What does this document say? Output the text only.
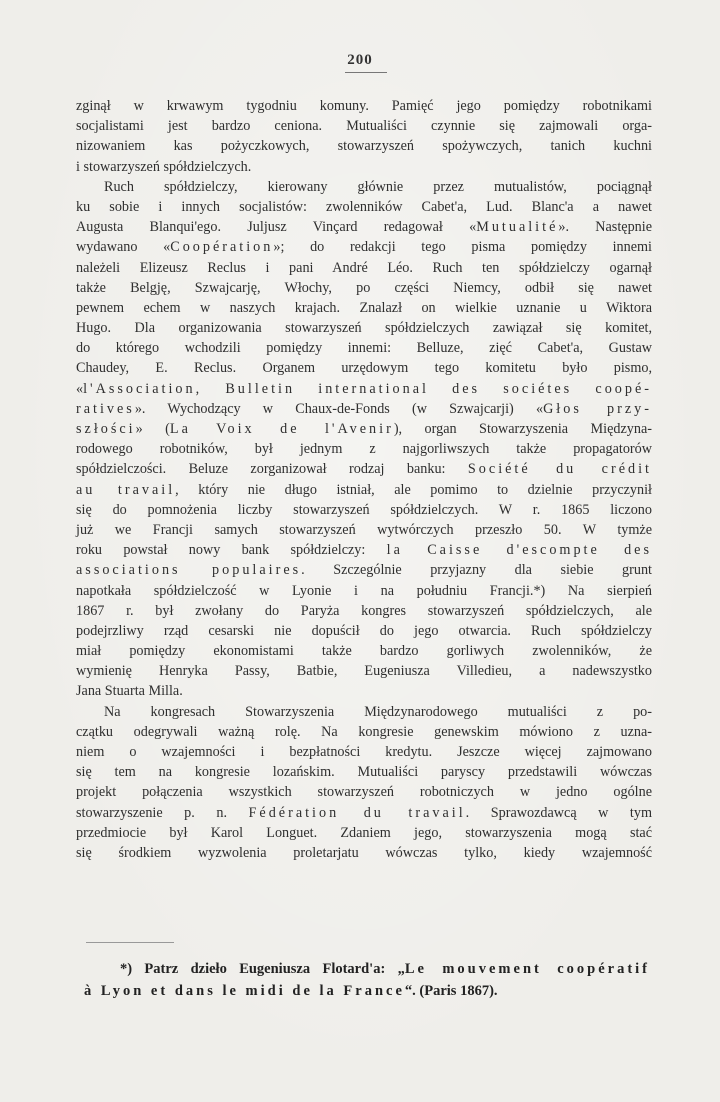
200
zginął w krwawym tygodniu komuny. Pamięć jego pomiędzy robotnikami
socjalistami jest bardzo ceniona. Mutualiści czynnie się zajmowali orga-
nizowaniem kas pożyczkowych, stowarzyszeń spożywczych, tanich kuchni
i stowarzyszeń spółdzielczych.
Ruch spółdzielczy, kierowany głównie przez mutualistów, pociągnął
ku sobie i innych socjalistów: zwolenników Cabet'a, Lud. Blanc'a a nawet
Augusta Blanqui'ego. Juljusz Vinçard redagował «Mutualité». Następnie
wydawano «Coopération»; do redakcji tego pisma pomiędzy innemi
należeli Elizeusz Reclus i pani André Léo. Ruch ten spółdzielczy ogarnął
także Belgję, Szwajcarję, Włochy, po części Niemcy, odbił się nawet
pewnem echem w naszych krajach. Znalazł on wielkie uznanie u Wiktora
Hugo. Dla organizowania stowarzyszeń spółdzielczych zawiązał się komitet,
do którego wchodzili pomiędzy innemi: Belluze, zięć Cabet'a, Gustaw
Chaudey, E. Reclus. Organem urzędowym tego komitetu było pismo,
«l'Association, Bulletin international des sociétes coopé-
ratives». Wychodzący w Chaux-de-Fonds (w Szwajcarji) «Głos przy-
szłości» (La Voix de l'Avenir), organ Stowarzyszenia Międzyna-
rodowego robotników, był jednym z najgorliwszych także propagatorów
spółdzielczości. Beluze zorganizował rodzaj banku: Société du crédit
au travail, który nie długo istniał, ale pomimo to dzielnie przyczynił
się do pomnożenia liczby stowarzyszeń spółdzielczych. W r. 1865 liczono
już we Francji samych stowarzyszeń wytwórczych przeszło 50. W tymże
roku powstał nowy bank spółdzielczy: la Caisse d'escompte des
associations populaires. Szczególnie przyjazny dla siebie grunt
napotkała spółdzielczość w Lyonie i na południu Francji.*) Na sierpień
1867 r. był zwołany do Paryża kongres stowarzyszeń spółdzielczych, ale
podejrzliwy rząd cesarski nie dopuścił do jego otwarcia. Ruch spółdzielczy
miał pomiędzy ekonomistami także bardzo gorliwych zwolenników, że
wymienię Henryka Passy, Batbie, Eugeniusza Villedieu, a nadewszystko
Jana Stuarta Milla.
Na kongresach Stowarzyszenia Międzynarodowego mutualiści z po-
czątku odegrywali ważną rolę. Na kongresie genewskim mówiono z uzna-
niem o wzajemności i bezpłatności kredytu. Jeszcze więcej zajmowano
się tem na kongresie lozańskim. Mutualiści paryscy przedstawili wówczas
projekt połączenia wszystkich stowarzyszeń robotniczych w jedno ogólne
stowarzyszenie p. n. Fédération du travail. Sprawozdawcą w tym
przedmiocie był Karol Longuet. Zdaniem jego, stowarzyszenia mogą stać
się środkiem wyzwolenia proletarjatu wówczas tylko, kiedy wzajemność
*) Patrz dzieło Eugeniusza Flotard'a: „Le mouvement coopératif
à Lyon et dans le midi de la France“. (Paris 1867).
